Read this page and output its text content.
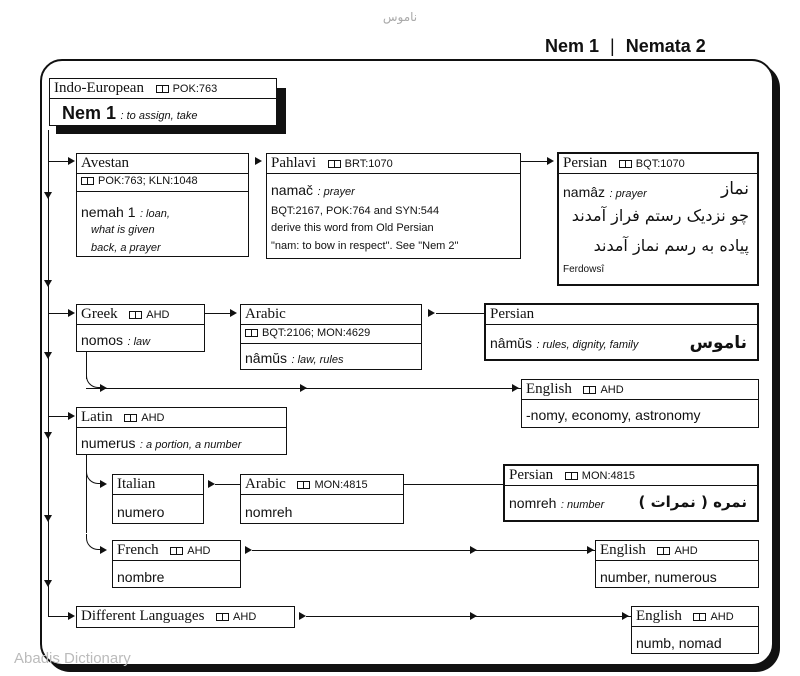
ناموس
Nem 1 | Nemata 2
Indo-European	POK:763
Nem 1 : to assign, take
Avestan
POK:763; KLN:1048
nemah 1 : loan,
what is given
back, a prayer
Pahlavi	BRT:1070
namač : prayer
BQT:2167, POK:764 and SYN:544
derive this word from Old Persian
"nam: to bow in respect". See "Nem 2"
Persian	BQT:1070
namâz : prayer	نماز
چو نزدیک رستم فراز آمدند
پیاده به رسم نماز آمدند
Ferdowsî
Greek	AHD
nomos : law
Arabic
BQT:2106; MON:4629
nâmŭs : law, rules
Persian
nâmŭs : rules, dignity, family	ناموس
English	AHD
-nomy, economy, astronomy
Latin	AHD
numerus : a portion, a number
Italian
numero
Arabic	MON:4815
nomreh
Persian	MON:4815
nomreh : number نمره ( نمرات )
French	AHD
nombre
English	AHD
number, numerous
Different Languages	AHD	English	AHD
numb, nomad
Abadis Dictionary
